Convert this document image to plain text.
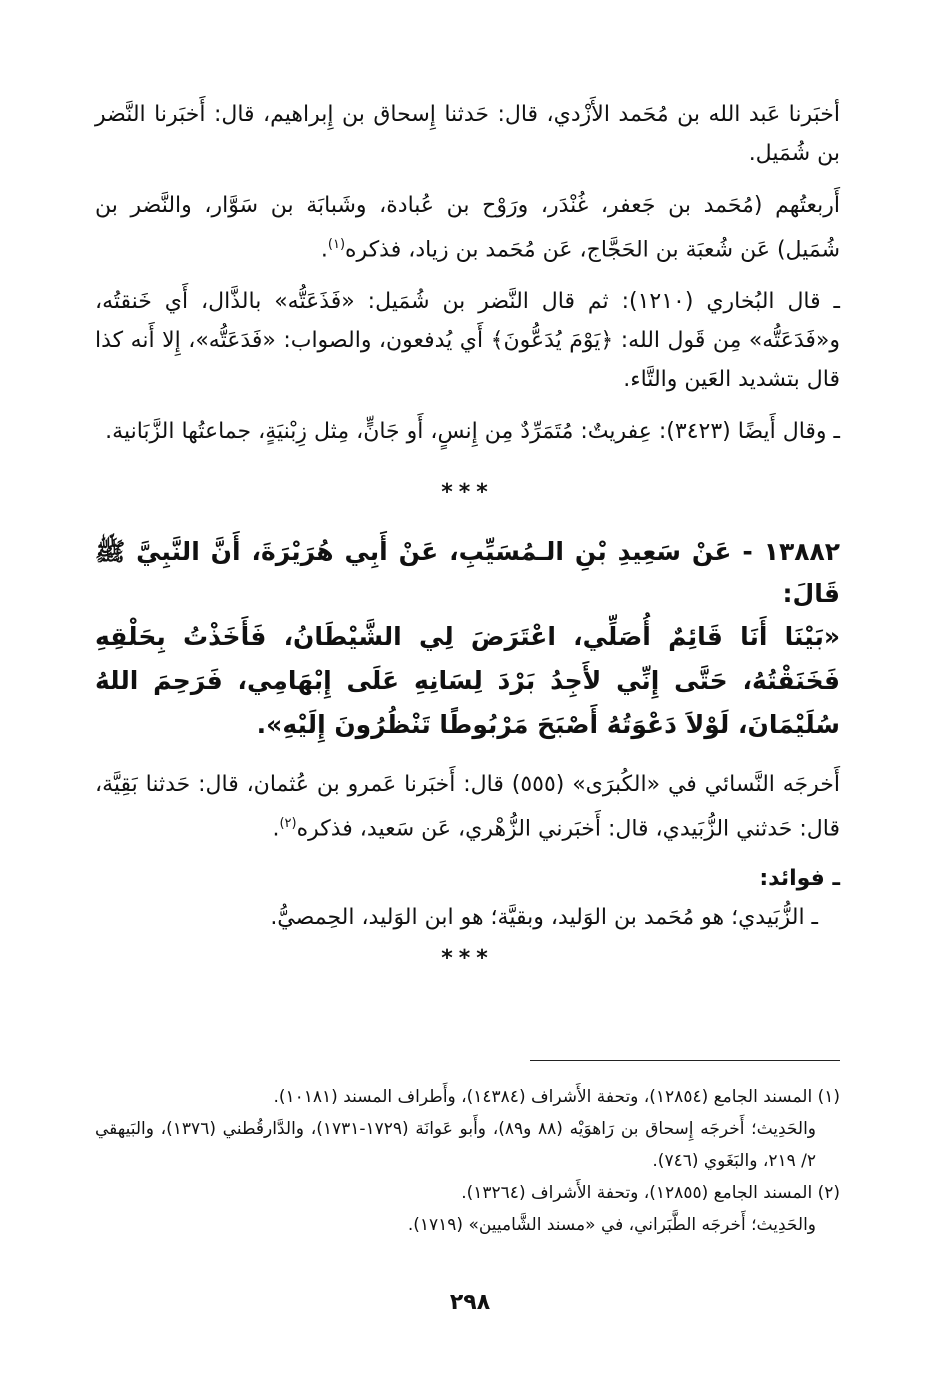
أخبَرنا عَبد الله بن مُحَمد الأَزْدي، قال: حَدثنا إِسحاق بن إِبراهيم، قال: أَخبَرنا النَّضر بن شُمَيل.

أَربعتُهم (مُحَمد بن جَعفر، غُنْدَر، ورَوْح بن عُبادة، وشَبابَة بن سَوَّار، والنَّضر بن شُمَيل) عَن شُعبَة بن الحَجَّاج، عَن مُحَمد بن زياد، فذكره$^{(١)}$.

ـ قال البُخاري (١٢١٠): ثم قال النَّضر بن شُمَيل: «فَذَعَتُّه» بالذَّال، أَي خَنقتُه، و«فَدَعَتُّه» مِن قَول الله: ﴿يَوْمَ يُدَعُّونَ﴾ أَي يُدفعون، والصواب: «فَدَعَتُّه»، إِلا أَنه كذا قال بتشديد العَين والتَّاء.

ـ وقال أَيضًا (٣٤٢٣): عِفريتٌ: مُتَمَرِّدٌ مِن إِنسٍ، أَو جَانٍّ، مِثل زِبْنيَةٍ، جماعتُها الزَّبَانية.

***

١٣٨٨٢ - عَنْ سَعِيدِ بْنِ الـمُسَيِّبِ، عَنْ أَبِي هُرَيْرَةَ، أَنَّ النَّبِيَّ ﷺ قَالَ:

«بَيْنَا أَنَا قَائِمٌ أُصَلِّي، اعْتَرَضَ لِي الشَّيْطَانُ، فَأَخَذْتُ بِحَلْقِهِ فَخَنَقْتُهُ، حَتَّى إِنِّي لأَجِدُ بَرْدَ لِسَانِهِ عَلَى إِبْهَامِي، فَرَحِمَ اللهُ سُلَيْمَانَ، لَوْلاَ دَعْوَتُهُ أَصْبَحَ مَرْبُوطًا تَنْظُرُونَ إِلَيْهِ».

أَخرجَه النَّسائي في «الكُبرَى» (٥٥٥) قال: أَخبَرنا عَمرو بن عُثمان، قال: حَدثنا بَقِيَّة، قال: حَدثني الزُّبَيدي، قال: أَخبَرني الزُّهْري، عَن سَعيد، فذكره$^{(٢)}$.

ـ فوائد:

ـ الزُّبَيدي؛ هو مُحَمد بن الوَليد، وبقيَّة؛ هو ابن الوَليد، الحِمصيُّ.

***

(١) المسند الجامع (١٢٨٥٤)، وتحفة الأَشراف (١٤٣٨٤)، وأَطراف المسند (١٠١٨١).

والحَدِيث؛ أَخرجَه إِسحاق بن رَاهوَيْه (٨٨ و٨٩)، وأَبو عَوانَة (١٧٢٩-١٧٣١)، والدَّارقُطني (١٣٧٦)، والبَيهقي ٢/ ٢١٩، والبَغَوي (٧٤٦).

(٢) المسند الجامع (١٢٨٥٥)، وتحفة الأَشراف (١٣٢٦٤).

والحَدِيث؛ أَخرجَه الطَّبَراني، في «مسند الشَّاميين» (١٧١٩).

٢٩٨
